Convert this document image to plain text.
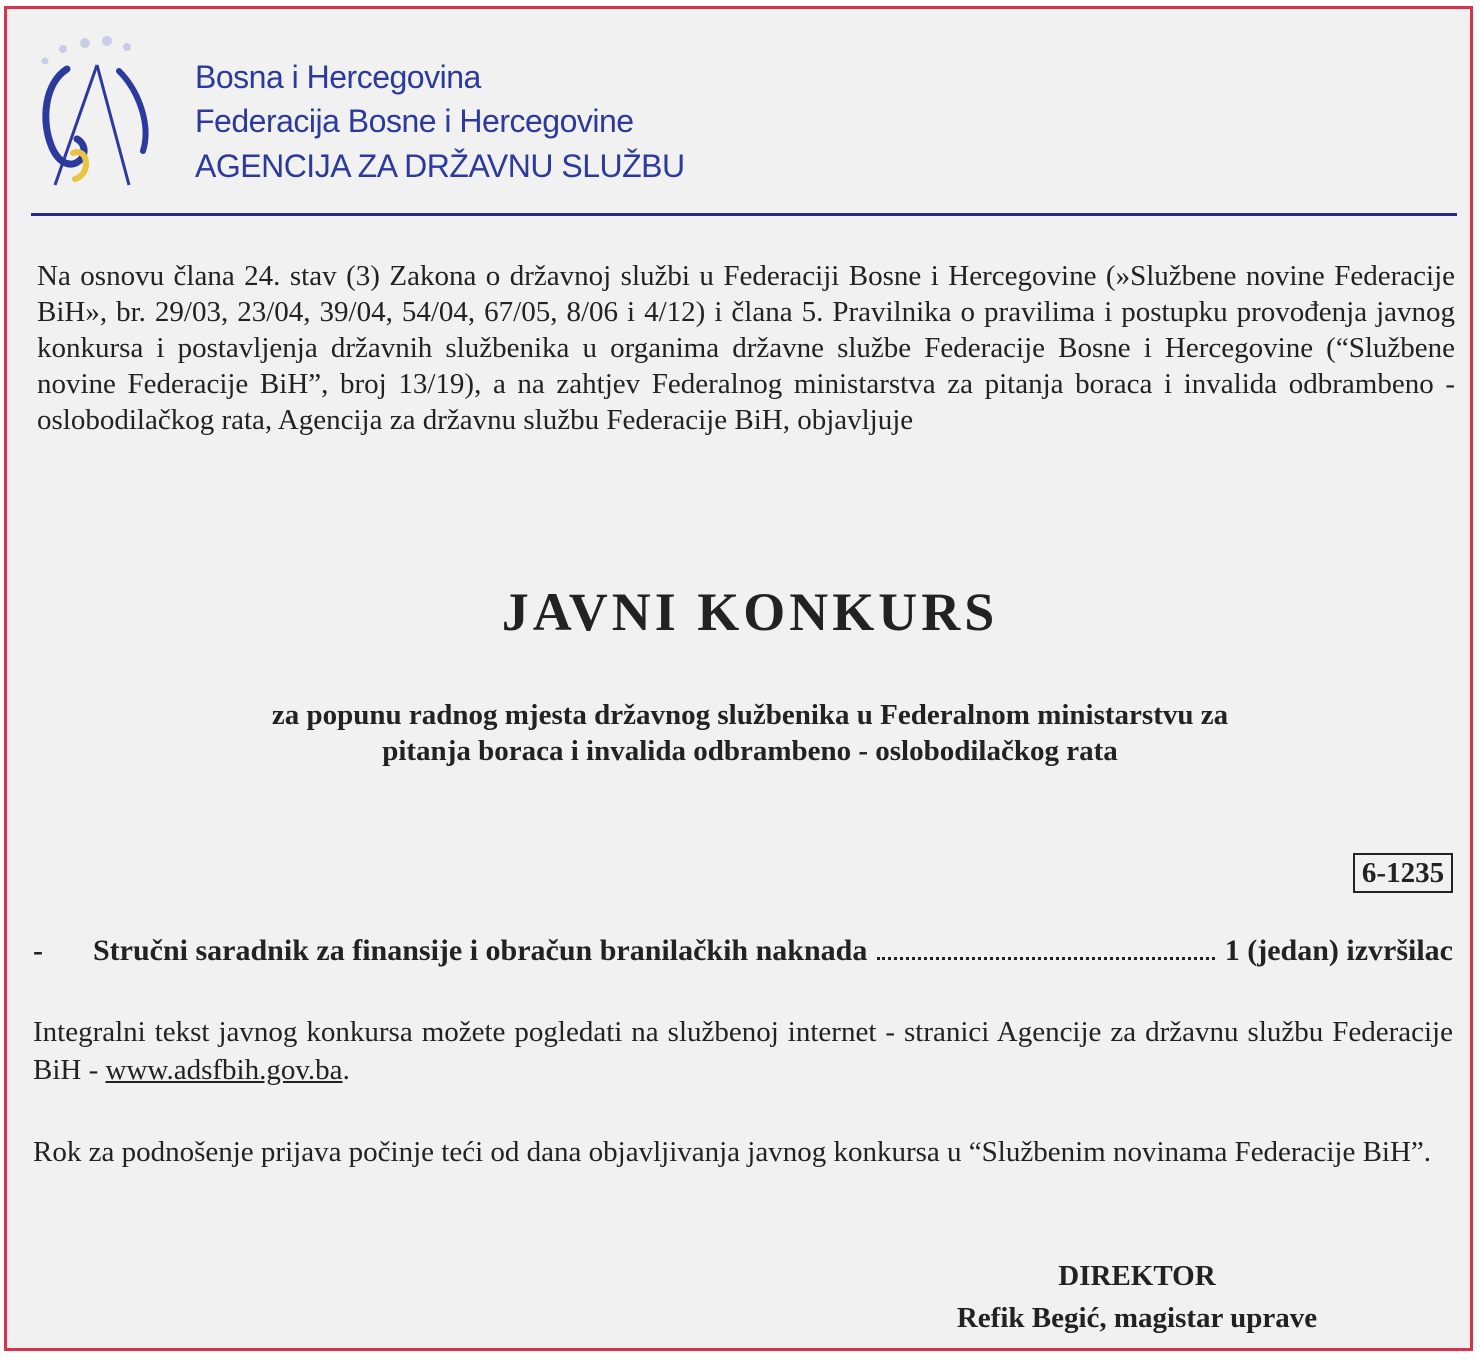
Bosna i Hercegovina
Federacija Bosne i Hercegovine
AGENCIJA ZA DRŽAVNU SLUŽBU
Na osnovu člana 24. stav (3) Zakona o državnoj službi u Federaciji Bosne i Hercegovine (»Službene novine Federacije BiH», br. 29/03, 23/04, 39/04, 54/04, 67/05, 8/06 i 4/12) i člana 5. Pravilnika o pravilima i postupku provođenja javnog konkursa i postavljenja državnih službenika u organima državne službe Federacije Bosne i Hercegovine (“Službene novine Federacije BiH”, broj 13/19), a na zahtjev Federalnog ministarstva za pitanja boraca i invalida odbrambeno - oslobodilačkog rata, Agencija za državnu službu Federacije BiH, objavljuje
JAVNI KONKURS
za popunu radnog mjesta državnog službenika u Federalnom ministarstvu za
pitanja boraca i invalida odbrambeno - oslobodilačkog rata
6-1235
-	Stručni saradnik za finansije i obračun branilačkih naknada	1 (jedan) izvršilac
Integralni tekst javnog konkursa možete pogledati na službenoj internet - stranici Agencije za državnu službu Federacije BiH - www.adsfbih.gov.ba.
Rok za podnošenje prijava počinje teći od dana objavljivanja javnog konkursa u “Službenim novinama Federacije BiH”.
DIREKTOR
Refik Begić, magistar uprave
